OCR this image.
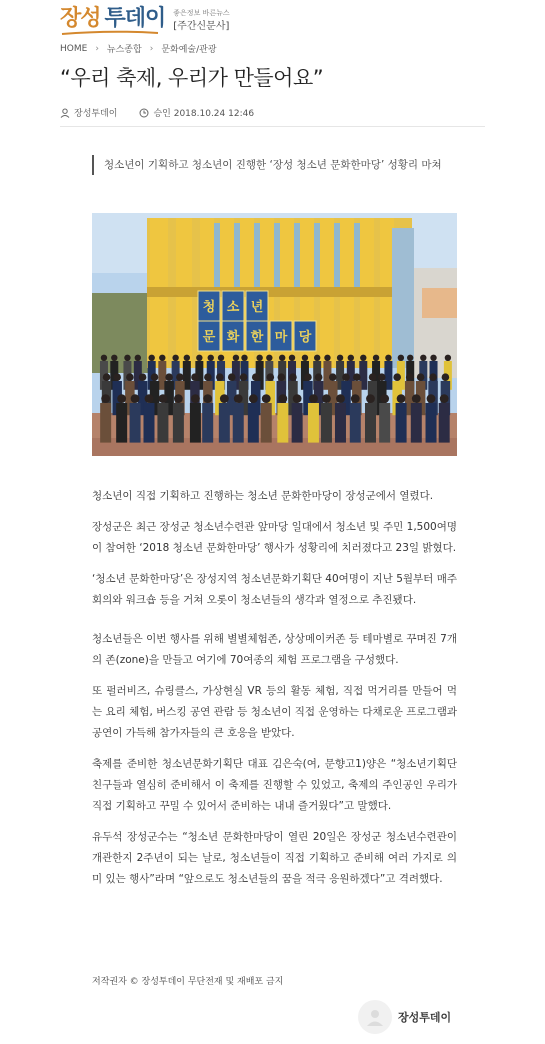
장성 투데이 좋은정보 바른뉴스
[주간신문사]
HOME › 뉴스종합 › 문화예술/관광
“우리 축제, 우리가 만들어요”
장성투데이	승인 2018.10.24 12:46
청소년이 기획하고 청소년이 진행한 ‘장성 청소년 문화한마당’ 성황리 마쳐
청 소 년
문 화 한 마 당

청소년이 직접 기획하고 진행하는 청소년 문화한마당이 장성군에서 열렸다.

장성군은 최근 장성군 청소년수련관 앞마당 일대에서 청소년 및 주민 1,500여명이 참여한 ‘2018 청소년 문화한마당’ 행사가 성황리에 치러졌다고 23일 밝혔다.

‘청소년 문화한마당’은 장성지역 청소년문화기획단 40여명이 지난 5월부터 매주 회의와 워크숍 등을 거쳐 오롯이 청소년들의 생각과 열정으로 추진됐다.

청소년들은 이번 행사를 위해 별별체험존, 상상메이커존 등 테마별로 꾸며진 7개의 존(zone)을 만들고 여기에 70여종의 체험 프로그램을 구성했다.

또 펄러비즈, 슈링클스, 가상현실 VR 등의 활동 체험, 직접 먹거리를 만들어 먹는 요리 체험, 버스킹 공연 관람 등 청소년이 직접 운영하는 다채로운 프로그램과 공연이 가득해 참가자들의 큰 호응을 받았다.

축제를 준비한 청소년문화기획단 대표 김은숙(여, 문향고1)양은 “청소년기획단 친구들과 열심히 준비해서 이 축제를 진행할 수 있었고, 축제의 주인공인 우리가 직접 기획하고 꾸밀 수 있어서 준비하는 내내 즐거웠다”고 말했다.

유두석 장성군수는 “청소년 문화한마당이 열린 20일은 장성군 청소년수련관이 개관한지 2주년이 되는 날로, 청소년들이 직접 기획하고 준비해 여러 가지로 의미 있는 행사”라며 “앞으로도 청소년들의 꿈을 적극 응원하겠다”고 격려했다.

저작권자 © 장성투데이 무단전재 및 재배포 금지
장성투데이
